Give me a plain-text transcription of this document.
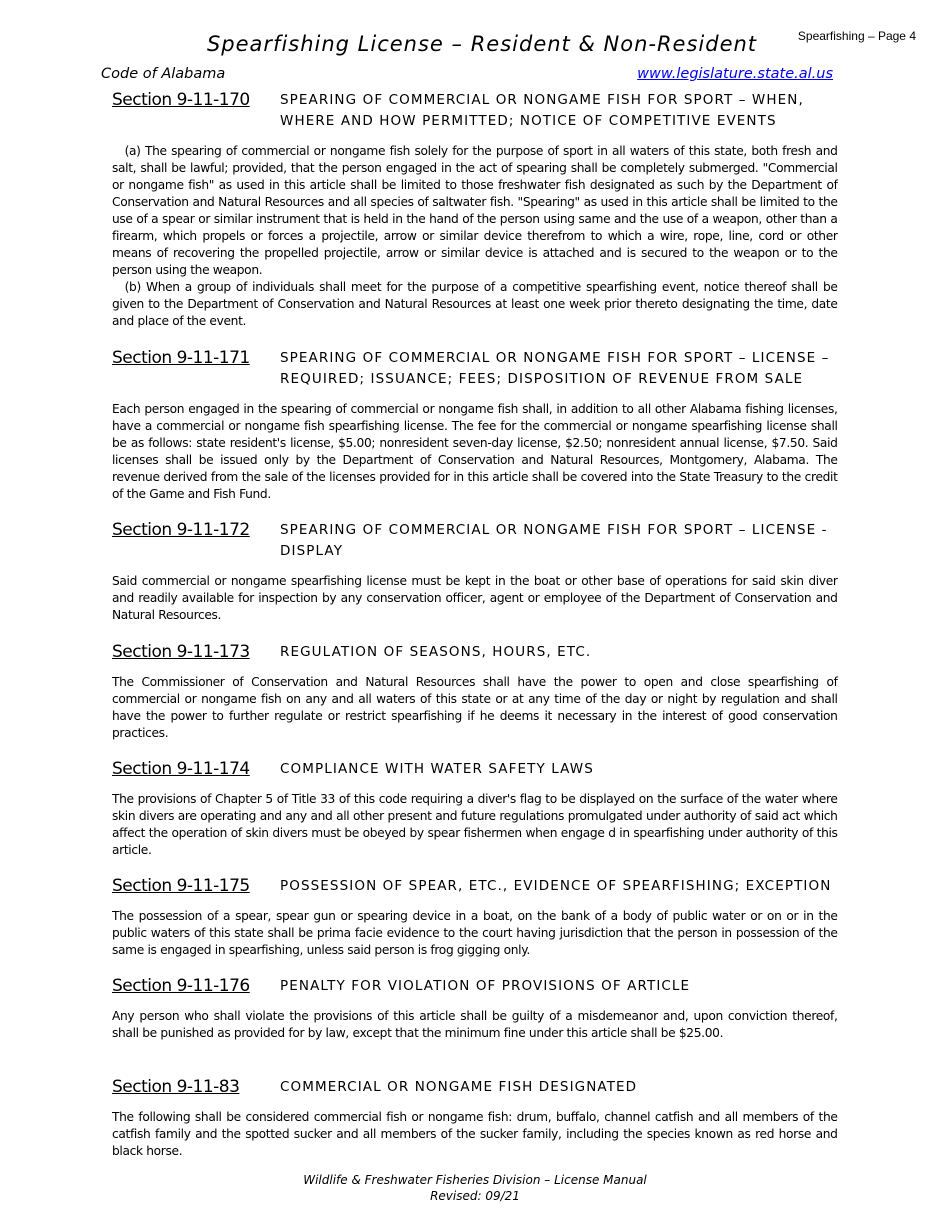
Spearfishing – Page 4
Spearfishing License – Resident & Non-Resident
Code of Alabama	www.legislature.state.al.us
Section 9-11-170	SPEARING OF COMMERCIAL OR NONGAME FISH FOR SPORT – WHEN, WHERE AND HOW PERMITTED; NOTICE OF COMPETITIVE EVENTS

(a) The spearing of commercial or nongame fish solely for the purpose of sport in all waters of this state, both fresh and salt, shall be lawful; provided, that the person engaged in the act of spearing shall be completely submerged. "Commercial or nongame fish" as used in this article shall be limited to those freshwater fish designated as such by the Department of Conservation and Natural Resources and all species of saltwater fish. "Spearing" as used in this article shall be limited to the use of a spear or similar instrument that is held in the hand of the person using same and the use of a weapon, other than a firearm, which propels or forces a projectile, arrow or similar device therefrom to which a wire, rope, line, cord or other means of recovering the propelled projectile, arrow or similar device is attached and is secured to the weapon or to the person using the weapon.

(b) When a group of individuals shall meet for the purpose of a competitive spearfishing event, notice thereof shall be given to the Department of Conservation and Natural Resources at least one week prior thereto designating the time, date and place of the event.

Section 9-11-171	SPEARING OF COMMERCIAL OR NONGAME FISH FOR SPORT – LICENSE – REQUIRED; ISSUANCE; FEES; DISPOSITION OF REVENUE FROM SALE

Each person engaged in the spearing of commercial or nongame fish shall, in addition to all other Alabama fishing licenses, have a commercial or nongame fish spearfishing license. The fee for the commercial or nongame spearfishing license shall be as follows: state resident's license, $5.00; nonresident seven-day license, $2.50; nonresident annual license, $7.50. Said licenses shall be issued only by the Department of Conservation and Natural Resources, Montgomery, Alabama. The revenue derived from the sale of the licenses provided for in this article shall be covered into the State Treasury to the credit of the Game and Fish Fund.

Section 9-11-172	SPEARING OF COMMERCIAL OR NONGAME FISH FOR SPORT – LICENSE - DISPLAY

Said commercial or nongame spearfishing license must be kept in the boat or other base of operations for said skin diver and readily available for inspection by any conservation officer, agent or employee of the Department of Conservation and Natural Resources.

Section 9-11-173	REGULATION OF SEASONS, HOURS, ETC.

The Commissioner of Conservation and Natural Resources shall have the power to open and close spearfishing of commercial or nongame fish on any and all waters of this state or at any time of the day or night by regulation and shall have the power to further regulate or restrict spearfishing if he deems it necessary in the interest of good conservation practices.

Section 9-11-174	COMPLIANCE WITH WATER SAFETY LAWS

The provisions of Chapter 5 of Title 33 of this code requiring a diver's flag to be displayed on the surface of the water where skin divers are operating and any and all other present and future regulations promulgated under authority of said act which affect the operation of skin divers must be obeyed by spear fishermen when engage d in spearfishing under authority of this article.

Section 9-11-175	POSSESSION OF SPEAR, ETC., EVIDENCE OF SPEARFISHING; EXCEPTION

The possession of a spear, spear gun or spearing device in a boat, on the bank of a body of public water or on or in the public waters of this state shall be prima facie evidence to the court having jurisdiction that the person in possession of the same is engaged in spearfishing, unless said person is frog gigging only.

Section 9-11-176	PENALTY FOR VIOLATION OF PROVISIONS OF ARTICLE

Any person who shall violate the provisions of this article shall be guilty of a misdemeanor and, upon conviction thereof, shall be punished as provided for by law, except that the minimum fine under this article shall be $25.00.

Section 9-11-83	COMMERCIAL OR NONGAME FISH DESIGNATED

The following shall be considered commercial fish or nongame fish: drum, buffalo, channel catfish and all members of the catfish family and the spotted sucker and all members of the sucker family, including the species known as red horse and black horse.

Wildlife & Freshwater Fisheries Division – License Manual
Revised: 09/21
